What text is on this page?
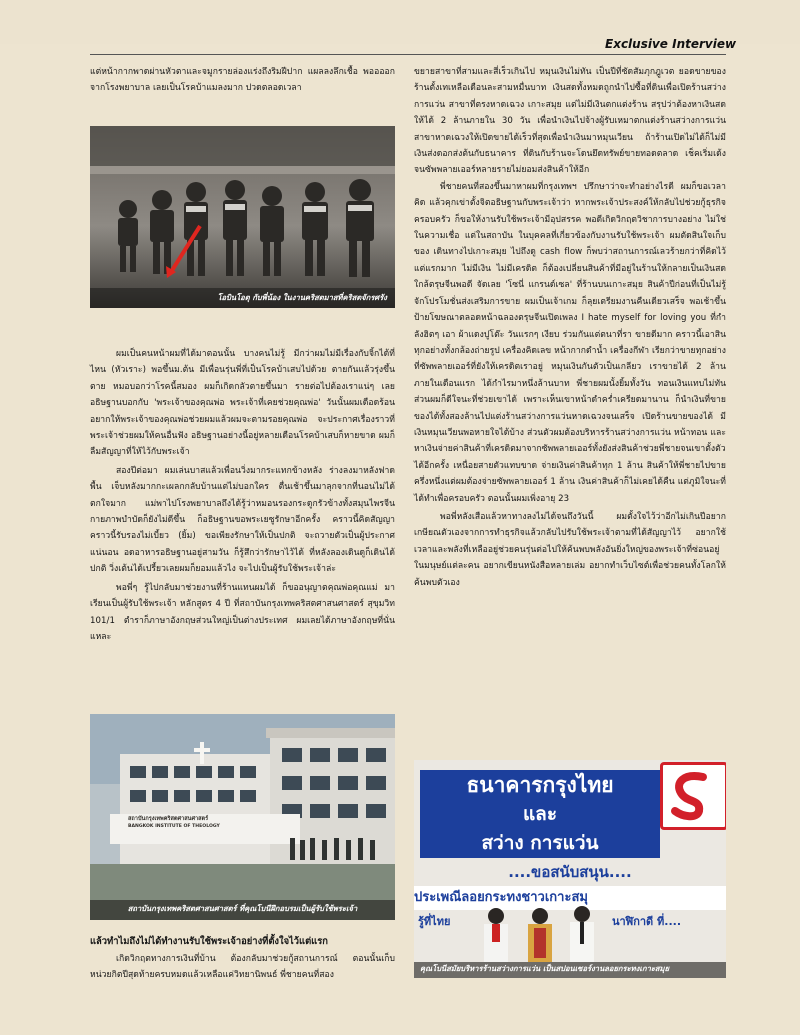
Exclusive Interview

แต่หน้ากากพาดผ่านหัวตาและจมูกรายล่องแร่งถึงริมฝีปาก แผลลงลึกเชื้อ พออออกจากโรงพยาบาล เลยเป็นโรคบ้าแมลงมาก ปวดตลอดเวลา

โอบินโอตุ กับพี่น้อง ในงานคริสตมาสที่คริสตจักรศรัง

ผมเป็นคนหน้าผมที่ได้มาตอนนั้น บางคนไม่รู้ มีกว่าผมไม่มีเรื่องกับจิ้กได้ที่ไหน (หัวเราะ) พอขึ้นม.ต้น มีเพื่อนรุ่นพี่ที่เป็นโรคบ้าเสบไปด้วย ตายกันแล้วรุ่งขึ้นตาย หมอบอกว่าโรคนี้สมอง ผมก็เกิดกลัวตายขึ้นมา รายต่อไปต้องเราแน่ๆ เลยอธิษฐานบอกกับ 'พระเจ้าของคุณพ่อ พระเจ้าที่เคยช่วยคุณพ่อ' วันนั้นผมเดือดร้อน อยากให้พระเจ้าของคุณพ่อช่วยผมแล้วผมจะตามรอยคุณพ่อ จะประกาศเรื่องราวที่พระเจ้าช่วยผมให้คนอื่นฟัง อธิษฐานอย่างนี้อยู่หลายเดือนโรคบ้าเสบก็หายขาด ผมก็ลืมสัญญาที่ให้ไว้กับพระเจ้า

สองปีต่อมา ผมเล่นบาสแล้วเพื่อนวิ่งมากระแทกข้างหลัง ร่างลงมาหลังฟาดพื้น เจ็บหลังมากกะเผลกกลับบ้านแต่ไม่บอกใคร ตื่นเช้าขึ้นมาลุกจากที่นอนไม่ได้ ตกใจมาก แม่พาไปโรงพยาบาลถึงได้รู้ว่าหมอนรองกระดูกรัวข้างทั้งสมุนไพรจีน กายภาพบำบัดก็ยังไม่ดีขึ้น ก็อธิษฐานขอพระเยซูรักษาอีกครั้ง คราวนี้คิดสัญญา คราวนี้รับรองไม่เบี้ยว (ยิ้ม) ขอเพียงรักษาให้เป็นปกติ จะถวายตัวเป็นผู้ประกาศแน่นอน อดอาหารอธิษฐานอยู่สามวัน ก็รู้สึกว่ารักษาไว้ได้ ที่หลังลองเดินดูก็เดินได้ปกติ วิ่งเต้นได้เปรี้ยวเลยผมก็ยอมแล้วไง จะไปเป็นผู้รับใช้พระเจ้าล่ะ

พอพี่ๆ รู้ไปกลับมาช่วยงานที่ร้านแทนผมได้ ก็ขออนุญาตคุณพ่อคุณแม่ มาเรียนเป็นผู้รับใช้พระเจ้า หลักสูตร 4 ปี ที่สถาบันกรุงเทพคริสตศาสนศาสตร์ สุขุมวิท 101/1 ตำราก็ภาษาอังกฤษส่วนใหญ่เป็นต่างประเทศ ผมเลยได้ภาษาอังกฤษที่นั่นแหละ

สถาบันกรุงเทพคริสตศาสนศาสตร์
BANGKOK INSTITUTE OF THEOLOGY
สถาบันกรุงเทพคริสตศาสนศาสตร์ ที่คุณโบนีฝึกอบรมเป็นผู้รับใช้พระเจ้า
แล้วทำไมถึงไม่ได้ทำงานรับใช้พระเจ้าอย่างที่ตั้งใจไว้แต่แรก

เกิดวิกฤตทางการเงินที่บ้าน ต้องกลับมาช่วยกู้สถานการณ์ ตอนนั้นเก็บหน่วยกิตปีสุดท้ายครบหมดแล้วเหลือแค่วิทยานิพนธ์ พี่ชายคนที่สอง

ขยายสาขาที่สามและสี่เร็วเกินไป หมุนเงินไม่ทัน เป็นปีที่ซัดสัมภุกฎูเวต ยอดขายของร้านตั้งเทเหลือเดือนละสามหมื่นบาท เงินสดทั้งหมดถูกนำไปซื้อที่ดินเพื่อเปิดร้านสว่างการแว่น สาขาที่ตรงหาดเฉวง เกาะสมุย แต่ไม่มีเงินตกแต่งร้าน สรุปว่าต้องหาเงินสดให้ได้ 2 ล้านภายใน 30 วัน เพื่อนำเงินไปจ้างผู้รับเหมาตกแต่งร้านสว่างการแว่น สาขาหาดเฉวงให้เปิดขายได้เร็วที่สุดเพื่อนำเงินมาหมุนเวียน ถ้าร้านเปิดไม่ได้ก็ไม่มีเงินส่งดอกส่งต้นกับธนาคาร ที่ดินกับร้านจะโดนยึดทรัพย์ขายทอดตลาด เช็คเริ่มเด้งจนซัพพลายเออร์หลายรายไม่ยอมส่งสินค้าให้อีก

พี่ชายคนที่สองขึ้นมาหาผมที่กรุงเทพฯ ปรึกษาว่าจะทำอย่างไรดี ผมก็ขอเวลาคิด แล้วคุกเข่าตั้งจิตอธิษฐานกับพระเจ้าว่า หากพระเจ้าประสงค์ให้กลับไปช่วยกู้ธุรกิจครอบครัว ก็ขอให้งานรับใช้พระเจ้ามีอุปสรรค พอดีเกิดวิกฤตวิชาการบางอย่าง ไม่ใช่ในความเชื่อ แต่ในสถาบัน ในบุคคลที่เกี่ยวข้องกับงานรับใช้พระเจ้า ผมตัดสินใจเก็บของ เดินทางไปเกาะสมุย ไปถึงดู cash flow ก็พบว่าสถานการณ์เลวร้ายกว่าที่คิดไว้แต่แรกมาก ไม่มีเงิน ไม่มีเครดิต ก็ต้องเปลี่ยนสินค้าที่มีอยู่ในร้านให้กลายเป็นเงินสด ใกล้ตรุษจีนพอดี จัดเลย 'โซนี่ แกรนด์เซล' ที่ร้านบนเกาะสมุย สินค้าปีก่อนที่เป็นไม่รู้จักโปรโมชั่นส่งเสริมการขาย ผมเป็นเจ้าเกม ก็ลุยเตรียมงานคืนเดียวเสร็จ พอเช้าขึ้นป้ายโฆษณาตลอดหน้าฉลองตรุษจีนเปิดเพลง I hate myself for loving you ที่กำลังฮิตๆ เอา ผ้าแดงปูโต๊ะ วันแรกๆ เงียบ ร่วมกันแต่ตนาที่รา ขายดีมาก คราวนี้เอาสินทุกอย่างทั้งกล้องถ่ายรูป เครื่องคิดเลข หน้ากากดำน้ำ เครื่องกีฬา เรียกว่าขายทุกอย่างที่ซัพพลายเออร์ที่ยังให้เครดิตเราอยู่ หมุนเงินกันตัวเป็นเกลียว เราขายได้ 2 ล้านภายในเดือนแรก ได้กำไรมาหนึ่งล้านบาท พี่ชายผมนั้งยิ้มทั้งวัน ทอนเงินแทบไม่ทัน ส่วนผมก็ดีใจนะที่ช่วยเขาได้ เพราะเห็นเขาหน้าดำคร่ำเครียดมานาน ก็นำเงินที่ขายของได้ทั้งสองล้านไปแต่งร้านสว่างการแว่นหาดเฉวงจนเสร็จ เปิดร้านขายของได้ มีเงินหมุนเวียนพอหายใจได้บ้าง ส่วนตัวผมต้องบริหารร้านสว่างการแว่น หน้าทอน และหาเงินจ่ายค่าสินค้าที่เครดิตมาจากซัพพลายเออร์ทั้งยังส่งสินค้าช่วยพี่ชายจนเขาตั้งตัวได้อีกครั้ง เหนื่อยสายตัวแทบขาด จ่ายเงินค่าสินค้าทุก 1 ล้าน สินค้าให้พี่ชายไปขายครึ่งหนึ่งแต่ผมต้องจ่ายซัพพลายเออร์ 1 ล้าน เงินค่าสินค้าก็ไม่เคยได้คืน แต่ภูมิใจนะที่ได้ทำเพื่อครอบครัว ตอนนั้นผมเพิ่งอายุ 23

พอพี่หลังเสือแล้วหาทางลงไม่ได้จนถึงวันนี้ ผมตั้งใจไว้ว่าอีกไม่เกินปีอยากเกษียณตัวเองจากการทำธุรกิจแล้วกลับไปรับใช้พระเจ้าตามที่ได้สัญญาไว้ อยากใช้เวลาและพลังที่เหลืออยู่ช่วยคนรุ่นต่อไปให้ค้นพบพลังอันยิ่งใหญ่ของพระเจ้าที่ซ่อนอยู่ในมนุษย์แต่ละคน อยากเขียนหนังสือหลายเล่ม อยากทำเว็บไซต์เพื่อช่วยคนทั้งโลกให้ค้นพบตัวเอง

ธนาคารกรุงไทย
และ
สว่าง การแว่น
....ขอสนับสนุน....
ประเพณีลอยกระทงชาวเกาะสมุ
รู้ที่ไทย	นาฬิกาดี ที่....
คุณโบนีสมัยบริหารร้านสว่างการแว่น เป็นสปอนเซอร์งานลอยกระทงเกาะสมุย
